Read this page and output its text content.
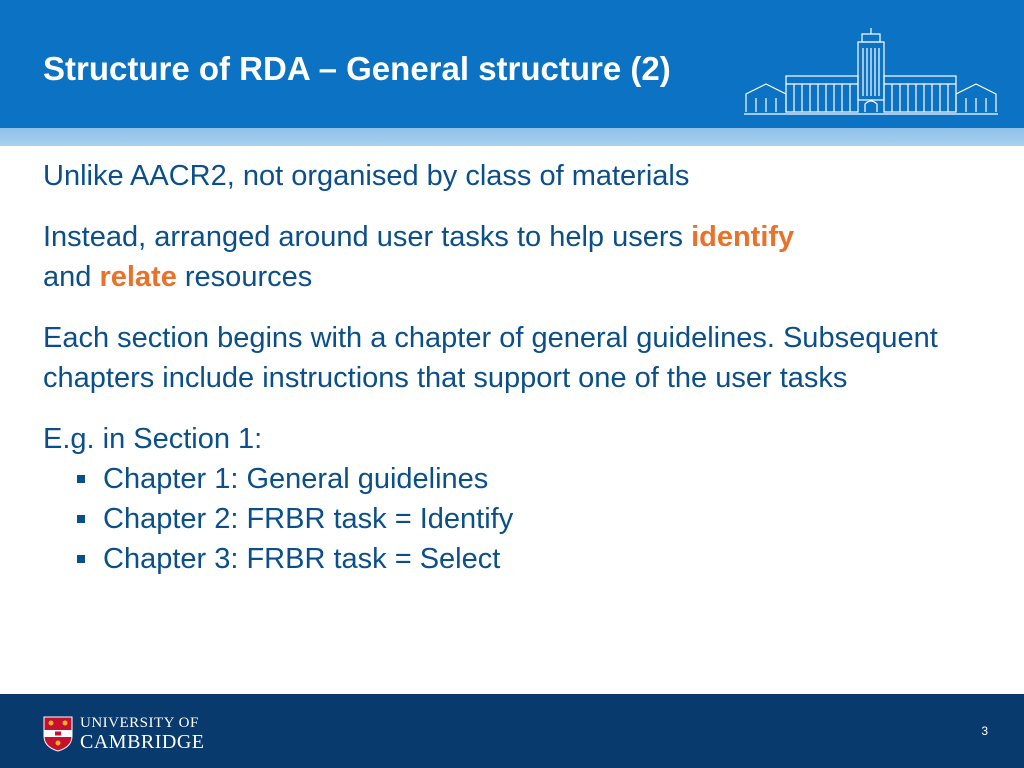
Structure of RDA – General structure (2)

Unlike AACR2, not organised by class of materials

Instead, arranged around user tasks to help users identify
and relate resources

Each section begins with a chapter of general guidelines. Subsequent chapters include instructions that support one of the user tasks

E.g. in Section 1:

Chapter 1: General guidelines
Chapter 2: FRBR task = Identify
Chapter 3: FRBR task = Select
UNIVERSITY OF
CAMBRIDGE	3
